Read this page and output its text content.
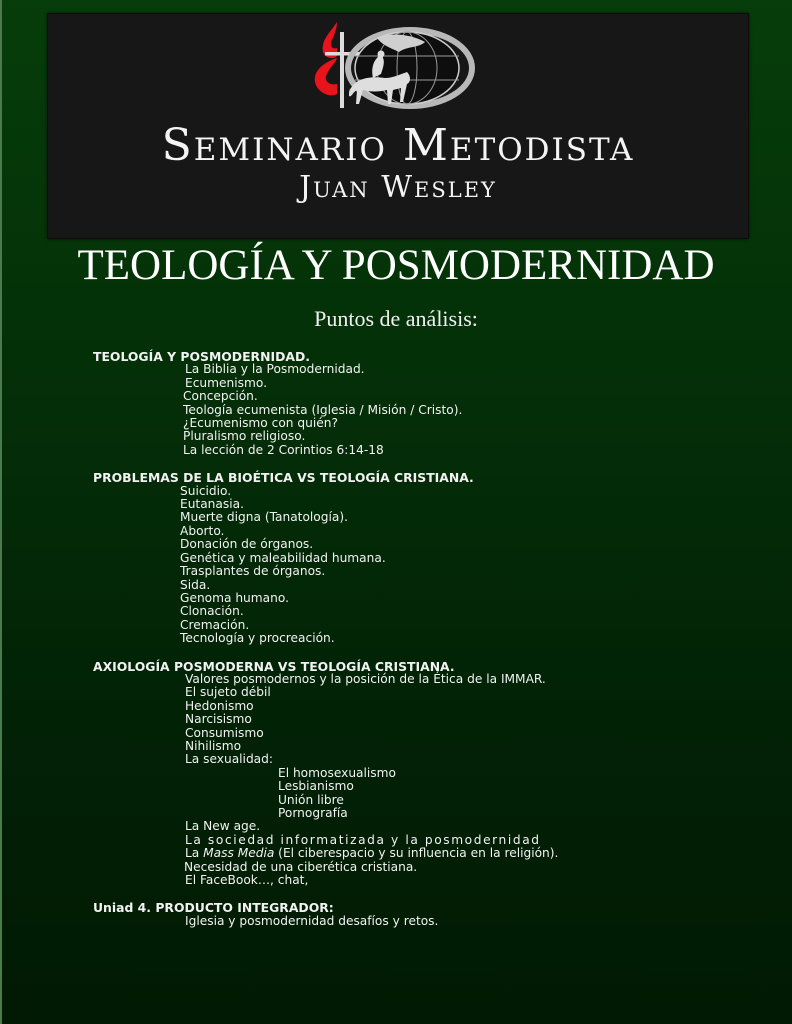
Seminario Metodista
Juan Wesley
TEOLOGÍA Y POSMODERNIDAD
Puntos de análisis:
TEOLOGÍA Y POSMODERNIDAD.
La Biblia y la Posmodernidad.
Ecumenismo.
Concepción.
Teología ecumenista (Iglesia / Misión / Cristo).
¿Ecumenismo con quién?
Pluralismo religioso.
La lección de 2 Corintios 6:14-18
PROBLEMAS DE LA BIOÉTICA VS TEOLOGÍA CRISTIANA.
Suicidio.
Eutanasia.
Muerte digna (Tanatología).
Aborto.
Donación de órganos.
Genética y maleabilidad humana.
Trasplantes de órganos.
Sida.
Genoma humano.
Clonación.
Cremación.
Tecnología y procreación.
AXIOLOGÍA POSMODERNA VS TEOLOGÍA CRISTIANA.
Valores posmodernos y la posición de la Ética de la IMMAR.
El sujeto débil
Hedonismo
Narcisismo
Consumismo
Nihilismo
La sexualidad:
El homosexualismo
Lesbianismo
Unión libre
Pornografía
La New age.
La sociedad informatizada y la posmodernidad
La Mass Media (El ciberespacio y su influencia en la religión).
Necesidad de una ciberética cristiana.
El FaceBook…, chat,
Uniad 4. PRODUCTO INTEGRADOR:
Iglesia y posmodernidad desafíos y retos.
